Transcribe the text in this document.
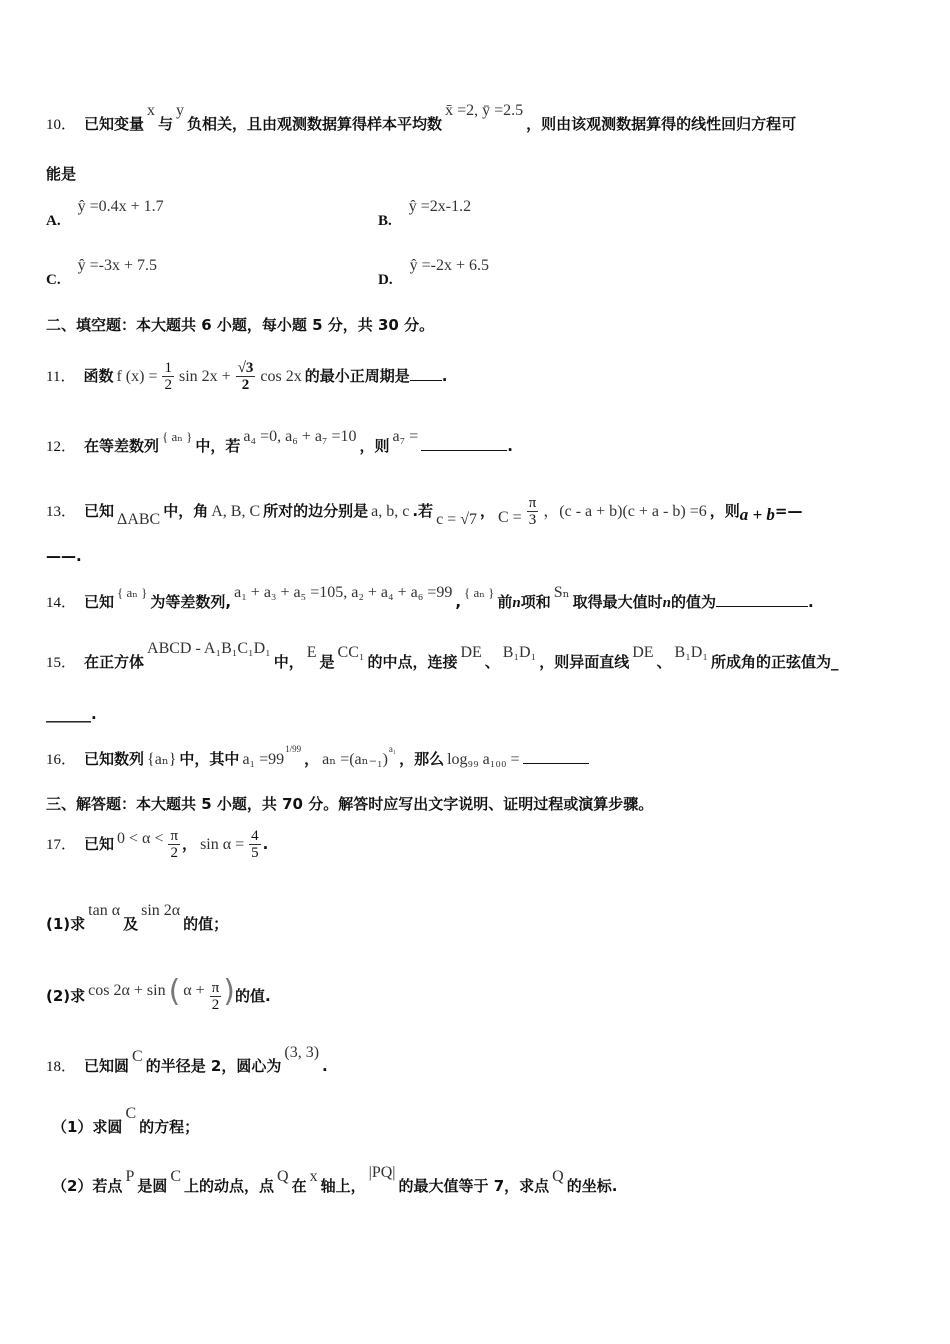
10． 已知变量x与y负相关，且由观测数据算得样本平均数x̄ =2, ȳ =2.5，则由该观测数据算得的线性回归方程可
能是
A.ŷ =0.4x + 1.7
B.ŷ =2x-1.2
C.ŷ =-3x + 7.5
D.ŷ =-2x + 6.5
二、填空题：本大题共 6 小题，每小题 5 分，共 30 分。
11． 函数 f $(x) = \frac{1}{2}$ $\sin 2x + \frac{√3}{2}$ cos 2x 的最小正周期是 .
12． 在等差数列{ aₙ }中，若a₄ =0, a₆ + a₇ =10，则a₇ =.
13． 已知 ΔABC 中，角 A, B, C 所对的边分别是 a, b, c .若 c = √7 ， $C = \frac{\pi}{3}$ ，(c - a + b)(c + a - b) =6 ，则a + b=—
——.
14． 已知{ aₙ }为等差数列,a₁ + a₃ + a₅ =105, a₂ + a₄ + a₆ =99,{ aₙ }前n项和Sₙ取得最大值时n的值为	.
15． 在正方体ABCD - A₁B₁C₁D₁中，E是CC₁的中点，连接DE、B₁D₁，则异面直线DE、B₁D₁所成角的正弦值为_
______.
16． 已知数列 {aₙ} 中，其中 $a_1 =99^{1/99}$， $a_n =(a_{n-1})^{a_1}$，那么 log₉₉ a₁₀₀ =
三、解答题：本大题共 5 小题，共 70 分。解答时应写出文字说明、证明过程或演算步骤。
17． 已知 $0 < \alpha < \frac{\pi}{2}$ ， $\sin \alpha = \frac{4}{5}$ .
(1)求tan α及sin 2α的值；
(2)求 cos 2α + sin ( $\alpha + \frac{\pi}{2}$ )的值.
18． 已知圆C的半径是 2，圆心为(3, 3).
（1）求圆C的方程；
（2）若点P是圆C上的动点，点Q在x轴上，|PQ|的最大值等于 7，求点Q的坐标.
